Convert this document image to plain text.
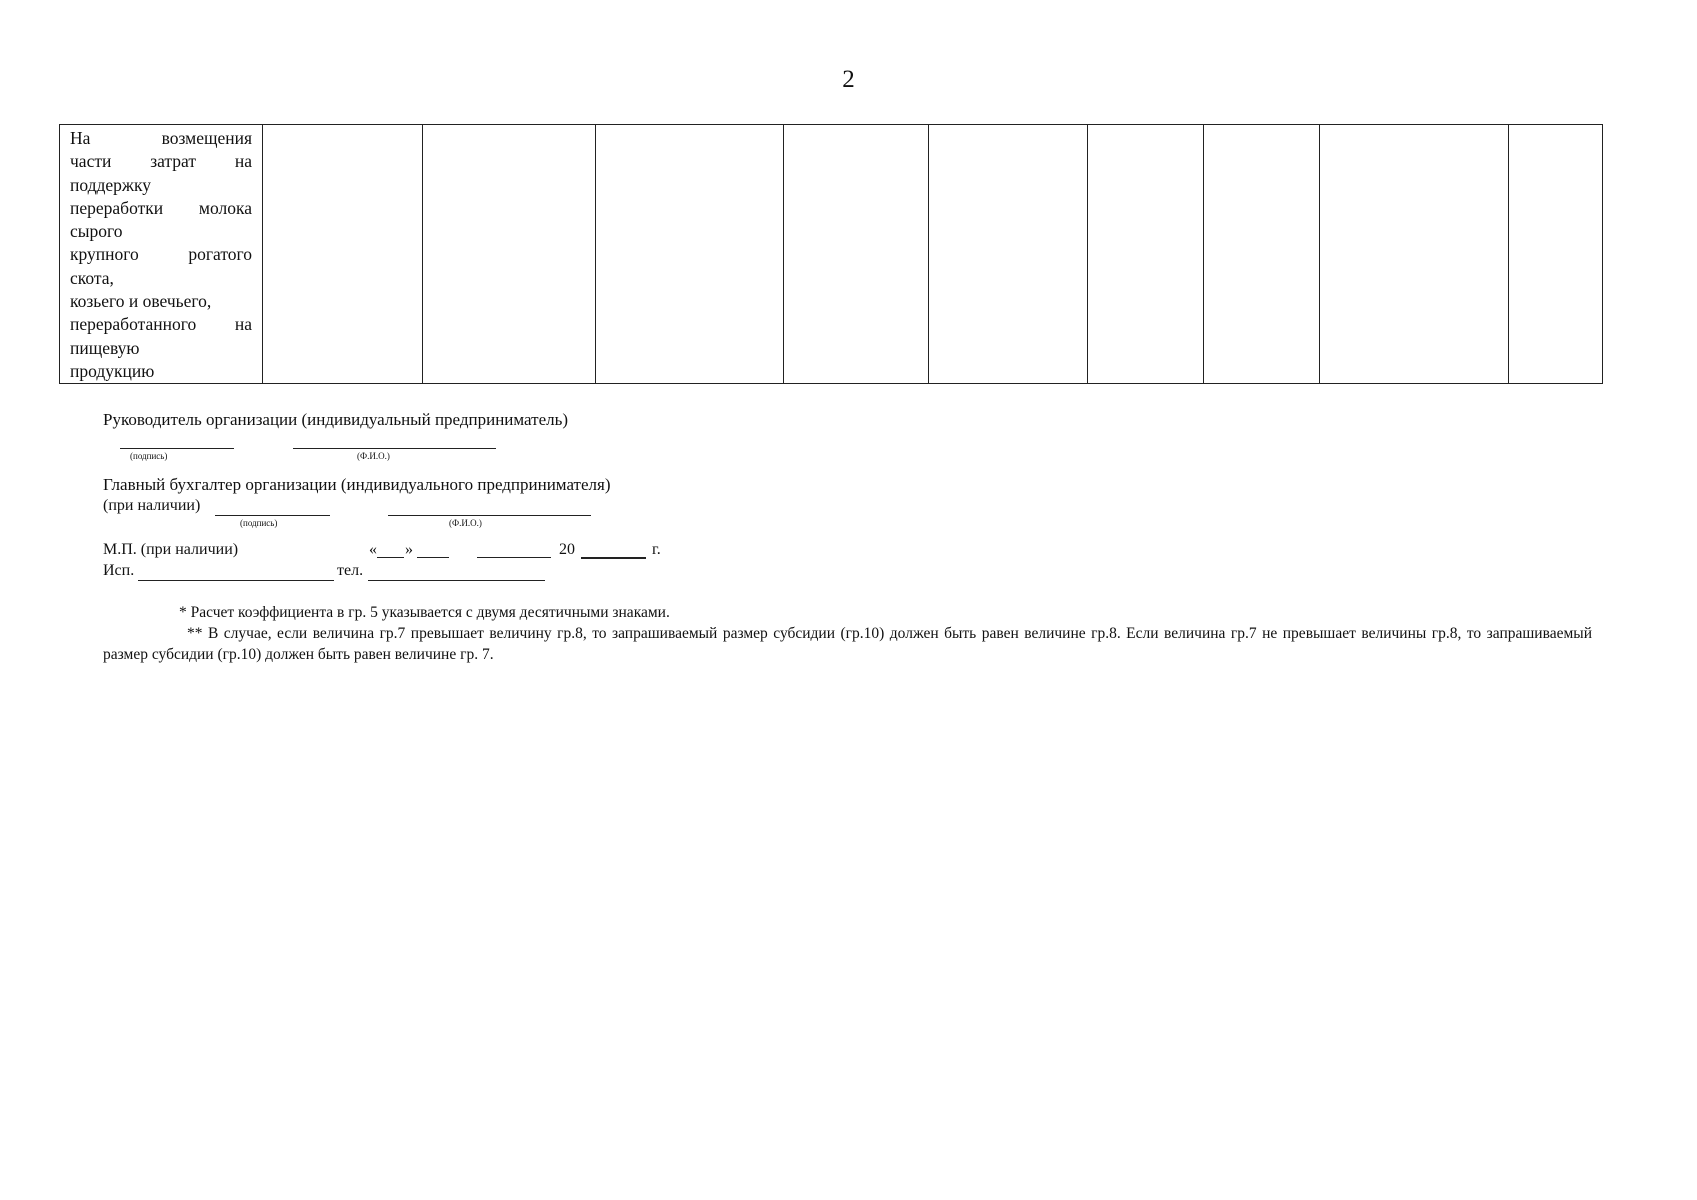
2
На возмещения
части затрат на
поддержку
переработки молока
сырого
крупного рогатого
скота,
козьего и овечьего,
переработанного на
пищевую
продукцию

Руководитель организации (индивидуальный предприниматель)
(подпись)	(Ф.И.О.)
Главный бухгалтер организации (индивидуального предпринимателя)
(при наличии)
(подпись)	(Ф.И.О.)
М.П. (при наличии)	« »	20	г.
Исп.	тел.
* Расчет коэффициента в гр. 5 указывается с двумя десятичными знаками.
** В случае, если величина гр.7 превышает величину гр.8, то запрашиваемый размер субсидии (гр.10) должен быть равен величине гр.8. Если величина гр.7 не превышает величины гр.8, то запрашиваемый размер субсидии (гр.10) должен быть равен величине гр. 7.
